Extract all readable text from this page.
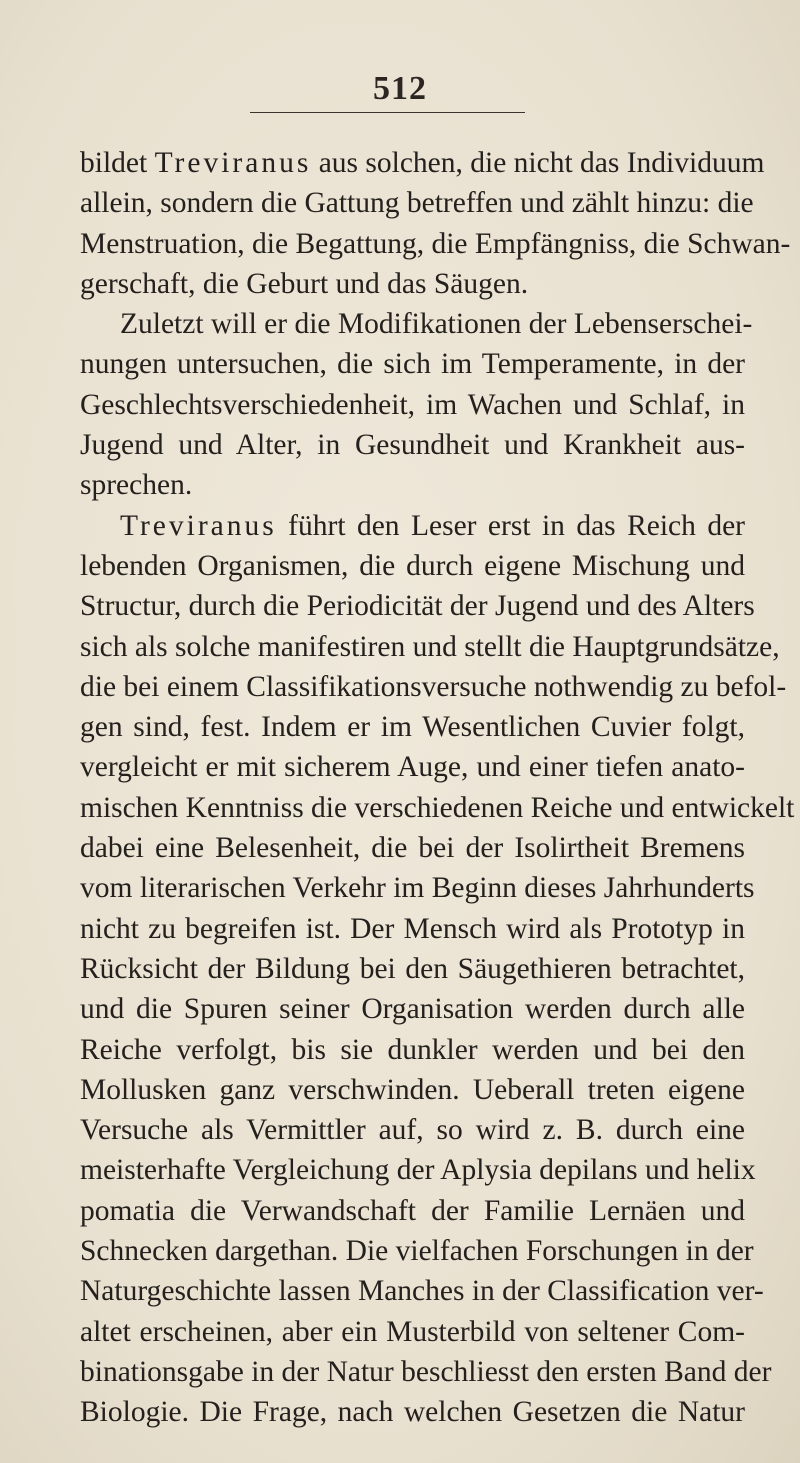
512
bildet Treviranus aus solchen, die nicht das Individuum
allein, sondern die Gattung betreffen und zählt hinzu: die
Menstruation, die Begattung, die Empfängniss, die Schwan-
gerschaft, die Geburt und das Säugen.
Zuletzt will er die Modifikationen der Lebenserschei-
nungen untersuchen, die sich im Temperamente, in der
Geschlechtsverschiedenheit, im Wachen und Schlaf, in
Jugend und Alter, in Gesundheit und Krankheit aus-
sprechen.
Treviranus führt den Leser erst in das Reich der
lebenden Organismen, die durch eigene Mischung und
Structur, durch die Periodicität der Jugend und des Alters
sich als solche manifestiren und stellt die Hauptgrundsätze,
die bei einem Classifikationsversuche nothwendig zu befol-
gen sind, fest. Indem er im Wesentlichen Cuvier folgt,
vergleicht er mit sicherem Auge, und einer tiefen anato-
mischen Kenntniss die verschiedenen Reiche und entwickelt
dabei eine Belesenheit, die bei der Isolirtheit Bremens
vom literarischen Verkehr im Beginn dieses Jahrhunderts
nicht zu begreifen ist. Der Mensch wird als Prototyp in
Rücksicht der Bildung bei den Säugethieren betrachtet,
und die Spuren seiner Organisation werden durch alle
Reiche verfolgt, bis sie dunkler werden und bei den
Mollusken ganz verschwinden. Ueberall treten eigene
Versuche als Vermittler auf, so wird z. B. durch eine
meisterhafte Vergleichung der Aplysia depilans und helix
pomatia die Verwandschaft der Familie Lernäen und
Schnecken dargethan. Die vielfachen Forschungen in der
Naturgeschichte lassen Manches in der Classification ver-
altet erscheinen, aber ein Musterbild von seltener Com-
binationsgabe in der Natur beschliesst den ersten Band der
Biologie. Die Frage, nach welchen Gesetzen die Natur
